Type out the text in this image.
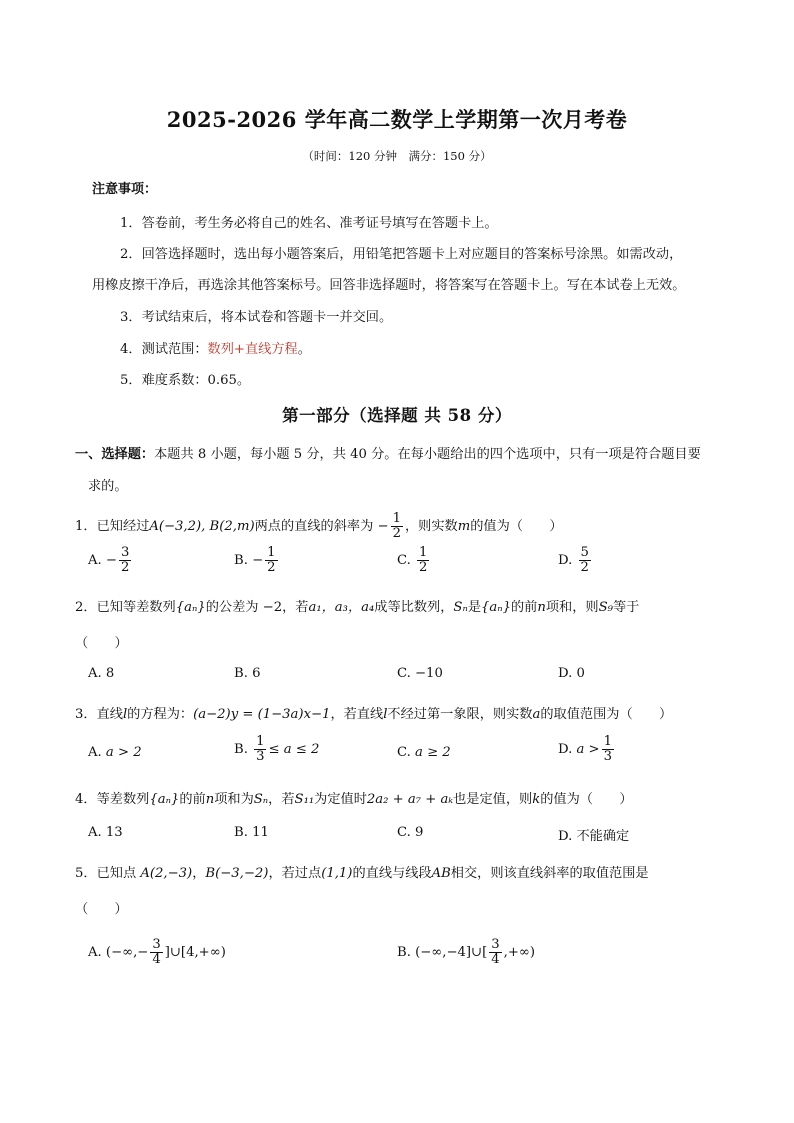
2025-2026 学年高二数学上学期第一次月考卷
（时间：120 分钟　满分：150 分）
注意事项：
1．答卷前，考生务必将自己的姓名、准考证号填写在答题卡上。
2．回答选择题时，选出每小题答案后，用铅笔把答题卡上对应题目的答案标号涂黑。如需改动，
用橡皮擦干净后，再选涂其他答案标号。回答非选择题时，将答案写在答题卡上。写在本试卷上无效。
3．考试结束后，将本试卷和答题卡一并交回。
4．测试范围：数列+直线方程。
5．难度系数：0.65。
第一部分（选择题 共 58 分）
一、选择题：本题共 8 小题，每小题 5 分，共 40 分。在每小题给出的四个选项中，只有一项是符合题目要
求的。
1．已知经过A(−3,2), B(2,m)两点的直线的斜率为 − $\frac{1}{2}$ ，则实数m的值为（　　）
A. − $\frac{3}{2}$	B. − $\frac{1}{2}$	C. $\frac{1}{2}$	D. $\frac{5}{2}$
2．已知等差数列{aₙ}的公差为 −2，若a₁，a₃，a₄成等比数列，Sₙ是{aₙ}的前n项和，则S₉等于
（　　）
A. 8	B. 6	C. −10	D. 0
3．直线l的方程为：(a−2)y = (1−3a)x−1，若直线l不经过第一象限，则实数a的取值范围为（　　）
A. a > 2	B. $\frac{1}{3} \le a \le 2$	C. a ≥ 2	D. $a > \frac{1}{3}$
4．等差数列{aₙ}的前n项和为Sₙ，若S₁₁为定值时2a₂ + a₇ + aₖ也是定值，则k的值为（　　）
A. 13	B. 11	C. 9	D. 不能确定
5．已知点 A(2,−3)，B(−3,−2)，若过点(1,1)的直线与线段AB相交，则该直线斜率的取值范围是
（　　）
A. (−∞,− $\frac{3}{4}$ ]∪[4,+∞)	B. (−∞,−4]∪[ $\frac{3}{4}$ ,+∞)
